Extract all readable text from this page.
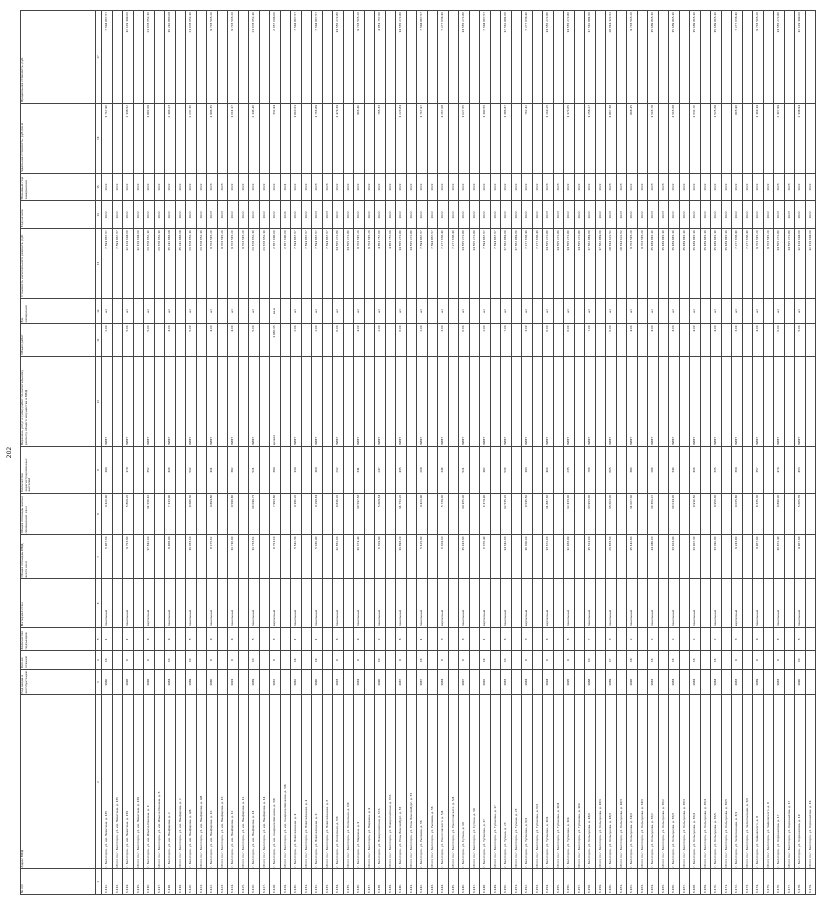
202
№ п/п	Адрес МКД	Год ввода в эксплуатацию	Кол-во этажей	Количество подъездов	Материал стен	Общая площадь МКД, всего кв.м	Общая площадь жилых помещений, кв.м	Количество зарегистрированных жителей	Перечень услуг и (или) работ по капитальному ремонту общего имущества в МКД	Объем работ	Ед. измерения	Стоимость капитального ремонта, руб.	Год начала	Плановый год завершения	Удельная стоимость, руб./кв.м	Предельная стоимость, руб.
1	2	3	4	5	6	7	8	9	10	11	12	13	14	15	16	17
6.112.	г. Белогорск, ул. им. Никитина, д. 135	1980	16	1	панельный	5 467,50	4 420,90	194	ЛИФТ	2,00	шт	7 594 867,57	2022	2022	1 717,96	7 594 867,57
6.113.	Итого по г. Белогорск, ул. им. Никитина, д. 135											7 594 867,57	2022	2022		
6.114.	г. Белогорск, ул. им. Никитина, д. 139	1996	9	1	панельный	9 753,90	5 869,20	179	ЛИФТ	5,00	шт	12 129 194,00	2022	2022	2 138,52	12 129 194,00
6.115.	Итого по г. Белогорск, ул. им. Никитина, д. 139											12 129 194,00	2022	2022		
6.116.	г. Белогорск, ул. им. Ильича Ошкина, д. 6	1996	9	6	кирпичный	17 812,00	11 556,10	352	ЛИФТ	5,00	шт	21 678 652,10	2022	2022	1 882,69	21 678 652,10
6.117.	Итого по г. Белогорск, ул. им. Ильича Ошкина, д. 6											21 678 652,10	2022	2022		
6.118.	г. Белогорск, ул. им. Панферова, д. 2	1984	10	4	панельный	8 468,90	7 113,90	416	ЛИФТ	4,00	шт	15 242 883,08	2022	2022	2 193,23	15 242 883,08
6.119.	Итого по г. Белогорск, ул. им. Панферова, д. 2											15 242 883,08	2022	2022		
6.120.	г. Белогорск, ул. им. Панферова, д. 4/8	1989	10	5	панельный	11 053,10	9 686,30	512	ЛИФТ	5,00	шт	21 678 652,10	2022	2022	2 237,30	21 678 652,10
6.121.	Итого по г. Белогорск, ул. им. Панферова, д. 4/8											21 678 652,10	2022	2022		
6.122.	г. Белогорск, ул. им. Панферова, д. 10	1980	9	4	панельный	8 275,62	4 894,80	411	ЛИФТ	4,00	шт	9 703 515,20	2023	2023	1 996,35	9 703 515,20
6.123.	Итого по г. Белогорск, ул. им. Панферова, д. 10											9 703 515,20	2023	2023		
6.124.	г. Белогорск, ул. им. Панферова, д. 12	1991	9	4	панельный	11 716,90	9 596,80	382	ЛИФТ	4,00	шт	9 703 515,20	2022	2022	1 011,17	9 703 515,20
6.125.	Итого по г. Белогорск, ул. им. Панферова, д. 12											9 703 515,20	2022	2022		
6.126.	г. Белогорск, ул. им. Панферова, д. 14	1989	10	5	панельный	11 753,62	10 099,75	521	ЛИФТ	5,00	шт	21 678 652,10	2022	2022	2 146,46	21 678 652,10
6.127.	Итого по г. Белогорск, ул. им. Панферова, д. 14											21 678 652,10	2022	2022		
6.128.	г. Белогорск, ул. им. генерала Шичкова, д. 3/8	1962	9	6	кирпичный	8 751,10	7 993,80	394	кровля	1 466,15	кв.м	2 657 096,00	2022	2022	332,94	2 657 096,00
6.129.	Итого по г. Белогорск, ул. им. генерала Шичкова, д. 3/8											2 657 096,00	2021	2021		
6.130.	г. Белогорск, ул. Новоселицкая, д. 4	1982	14	1	панельный	5 542,30	4 196,20	134	ЛИФТ	2,00	шт	7 594 867,57	2022	2022	1 810,61	7 594 867,57
6.131.	Итого по г. Белогорск, ул. Новоселицкая, д. 4											7 594 867,57	2022	2022		
6.132.	г. Белогорск, ул. Новоселицкая, д. 6	1980	14	1	панельный	5 030,90	4 299,81	164	ЛИФТ	2,00	шт	7 594 867,57	2023	2023	1 766,89	7 594 867,57
6.133.	Итого по г. Белогорск, ул. Новоселицкая, д. 6											7 594 867,57	2023	2023		
6.134.	г. Белогорск, ул. Колхозная, д. 6/6	1993	9	6	панельный	12 852,00	9 816,20	212	ЛИФТ	6,00	шт	14 555 272,80	2022	2022	1 474,39	14 555 272,80
6.135.	Итого по г. Белогорск, ул. Колхозная, д. 6/6											14 555 272,80	2022	2022		
6.136.	г. Белогорск, ул. Маркина, д. 9	1981	9	4	панельный	11 371,40	10 597,56	341	ЛИФТ	4,00	шт	9 703 515,20	2022	2022	906,40	9 703 515,20
6.137.	Итого по г. Белогорск, ул. Маркина, д. 9											9 703 515,20	2022	2022		
6.138.	г. Белогорск, ул. Новоросийская, д. 67А	1990	10	2	панельный	6 329,90	5 609,54	247	ЛИФТ	2,00	шт	4 851 757,60	2022	2022	765,33	4 851 757,60
6.139.	Итого по г. Белогорск, ул. Новоросийская, д. 67А											4 851 757,60	2022	2022		
6.140.	г. Белогорск, ул. Розы Люксембург, д. 53	1987	9	6	панельный	11 893,20	11 751,20	435	ЛИФТ	6,00	шт	14 555 272,80	2022	2022	1 223,84	14 555 272,80
6.141.	Итого по г. Белогорск, ул. Розы Люксембург, д. 53											14 555 272,80	2022	2022		
6.142.	г. Белогорск, ул. Рылеева, д. 56	1987	16	1	панельный	5 125,90	4 421,90	208	ЛИФТ	2,00	шт	7 594 867,57	2022	2022	1 717,97	7 594 867,57
6.143.	Итого по г. Белогорск, ул. Рылеева, д. 56											7 594 867,57	2022	2022		
6.144.	г. Белогорск, ул. Рокоссовского, д. 5/4	1984	9	3	кирпичный	6 329,00	5 739,00	346	ЛИФТ	3,00	шт	7 277 636,40	2022	2022	1 267,08	7 277 636,40
6.145.	Итого по г. Белогорск, ул. Рокоссовского, д. 5/4											7 277 636,40	2022	2022		
6.146.	г. Белогорск, ул. Сутина, д. 19	1987	9	6	панельный	15 413,93	14 165,00	521	ЛИФТ	6,00	шт	14 555 272,80	2022	2022	1 027,55	14 555 272,80
6.147.	Итого по г. Белогорск, ул. Сутина, д. 19											14 555 272,80	2022	2022		
6.148.	г. Белогорск, ул. Тупикова, д. 17	1992	14	1	кирпичный	6 376,40	6 379,40	182	ЛИФТ	2,00	шт	7 594 867,57	2022	2022	1 190,55	7 594 867,57
6.149.	Итого по г. Белогорск, ул. Тупикова, д. 17											7 594 867,57	2022	2022		
6.150.	г. Белогорск, ул. Тухина, д. 23	1983	10	6	панельный	14 342,60	12 535,20	530	ЛИФТ	7,00	шт	17 562 881,60	2022	2022	1 386,87	17 562 881,60
6.151.	Итого по г. Белогорск, ул. Тухина, д. 23											17 562 881,60	2022	2022		
6.152.	г. Белогорск, ул. Тупикова, д. 6/4	1984	9	3	кирпичный	10 300,00	9 545,50	193	ЛИФТ	3,00	шт	7 277 636,40	2022	2022	762,42	7 277 636,40
6.153.	Итого по г. Белогорск, ул. Тупикова, д. 6/4											7 277 636,40	2022	2022		
6.154.	г. Белогорск, ул. Тупикова, д. 10/1	1994	9	6	кирпичный	13 672,00	11 887,60	400	ЛИФТ	6,00	шт	14 555 272,80	2023	2023	1 214,25	14 555 272,80
6.155.	Итого по г. Белогорск, ул. Тупикова, д. 10/1											14 555 272,80	2023	2023		
6.156.	г. Белогорск, ул. Тупикова, д. 10А	1995	9	6	панельный	12 463,90	12 433,00	235	ЛИФТ	6,00	шт	14 555 272,80	2022	2022	1 170,65	14 555 272,80
6.157.	Итого по г. Белогорск, ул. Тупикова, д. 10А											14 555 272,80	2022	2022		
6.158.	г. Белогорск, ул. Хользунова, д. 18/1	1988	10	7	панельный	15 321,00	13 953,00	766	ЛИФТ	7,00	шт	17 562 881,60	2022	2022	1 258,27	17 562 881,60
6.159.	Итого по г. Белогорск, ул. Хользунова, д. 18/1											17 562 881,60	2022	2022		
6.160.	г. Белогорск, ул. Хользунова, д. 18/3	1989	17	3	панельный	21 833,50	15 603,00	605	ЛИФТ	6,00	шт	28 614 122,52	2023	2023	1 867,38	28 614 122,52
6.161.	Итого по г. Белогорск, ул. Хользунова, д. 18/3											28 614 122,52	2023	2023		
6.162.	г. Белогорск, ул. Хользунова, д. 34/1	1996	18	2	панельный	15 142,80	11 007,00	380	ЛИФТ	4,00	шт	9 703 515,20	2022	2022	808,15	9 703 515,20
6.163.	Итого по г. Белогорск, ул. Хользунова, д. 34/1											9 703 515,20	2022	2022		
6.164.	г. Белогорск, ул. Хользунова, д. 36/2	1983	16	2	панельный	14 080,00	10 361,07	286	ЛИФТ	4,00	шт	15 189 815,10	2023	2023	1 506,78	15 189 815,10
6.165.	Итого по г. Белогорск, ул. Хользунова, д. 36/2											15 189 815,10	2023	2023		
6.166.	г. Белогорск, ул. Хользунова, д. 36/3	1984	16	2	панельный	13 921,90	10 014,00	340	ЛИФТ	4,00	шт	15 189 815,10	2022	2022	1 516,68	15 189 815,10
6.167.	Итого по г. Белогорск, ул. Хользунова, д. 36/3											15 189 815,10	2022	2022		
6.168.	г. Белогорск, ул. Хользунова, д. 36/4	1984	16	2	панельный	13 907,30	9 910,50	416	ЛИФТ	4,00	шт	15 189 815,10	2022	2022	1 532,70	15 189 815,10
6.169.	Итого по г. Белогорск, ул. Хользунова, д. 36/4											15 189 815,10	2022	2022		
6.170.	г. Белогорск, ул. Хользунова, д. 36/5	1984	16	2	панельный	13 092,90	9 956,00	335	ЛИФТ	4,00	шт	15 189 815,10	2022	2022	1 525,68	15 189 815,10
6.171.	Итого по г. Белогорск, ул. Хользунова, д. 36/5											15 189 815,10	2022	2022		
6.172.	г. Белогорск, ул. Челюскинцев, д. 3/1	1983	9	3	кирпичный	9 243,80	9 035,80	369	ЛИФТ	3,00	шт	7 277 636,40	2022	2022	805,96	7 277 636,40
6.173.	Итого по г. Белогорск, ул. Челюскинцев, д. 3/1											7 277 636,40	2022	2022		
6.174.	г. Белогорск, ул. Чайковского, д. 8	1989	9	4	панельный	9 467,90	8 335,30	357	ЛИФТ	4,00	шт	9 703 515,20	2022	2022	1 164,19	9 703 515,20
6.175.	Итого по г. Белогорск, ул. Чайковского, д. 8											9 703 515,20	2022	2022		
6.176.	г. Белогорск, ул. Хорошилова, д. 17	1983	9	6	панельный	11 872,40	9 890,00	474	ЛИФТ	6,00	шт	14 555 272,80	2023	2023	2 107,99	14 555 272,80
6.177.	Итого по г. Белогорск, ул. Хорошилова, д. 17											14 555 272,80	2023	2023		
6.178.	г. Белогорск, ул. Хорошилова, д. 19	1990	10	5	панельный	9 467,90	5 665,35	453	ЛИФТ	5,00	шт	12 129 194,00	2022	2022	2 138,94	12 129 194,00
6.179.	Итого по г. Белогорск, ул. Хорошилова, д. 19											12 129 194,00	2022	2022		
